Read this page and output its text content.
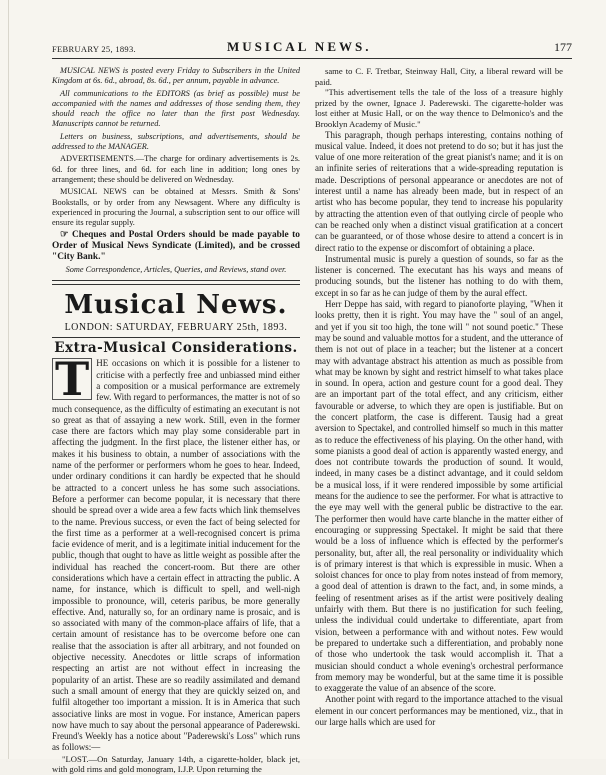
FEBRUARY 25, 1893.	MUSICAL NEWS.	177

MUSICAL NEWS is posted every Friday to Subscribers in the United Kingdom at 6s. 6d., abroad, 8s. 6d., per annum, payable in advance.

All communications to the EDITORS (as brief as possible) must be accompanied with the names and addresses of those sending them, they should reach the office no later than the first post Wednesday. Manuscripts cannot be returned.

Letters on business, subscriptions, and advertisements, should be addressed to the MANAGER.

ADVERTISEMENTS.—The charge for ordinary advertisements is 2s. 6d. for three lines, and 6d. for each line in addition; long ones by arrangement; these should be delivered on Wednesday.

MUSICAL NEWS can be obtained at Messrs. Smith & Sons' Bookstalls, or by order from any Newsagent. Where any difficulty is experienced in procuring the Journal, a subscription sent to our office will ensure its regular supply.

☞ Cheques and Postal Orders should be made payable to Order of Musical News Syndicate (Limited), and be crossed "City Bank."

Some Correspondence, Articles, Queries, and Reviews, stand over.

Musical News.
LONDON: SATURDAY, FEBRUARY 25th, 1893.
Extra-Musical Considerations.
T HE occasions on which it is possible for a listener to criticise with a perfectly free and unbiassed mind either a composition or a musical performance are extremely few. With regard to performances, the matter is not of so much consequence, as the difficulty of estimating an executant is not so great as that of assaying a new work. Still, even in the former case there are factors which may play some considerable part in affecting the judgment. In the first place, the listener either has, or makes it his business to obtain, a number of associations with the name of the performer or performers whom he goes to hear. Indeed, under ordinary conditions it can hardly be expected that he should be attracted to a concert unless he has some such associations. Before a performer can become popular, it is necessary that there should be spread over a wide area a few facts which link themselves to the name. Previous success, or even the fact of being selected for the first time as a performer at a well-recognised concert is prima facie evidence of merit, and is a legitimate initial inducement for the public, though that ought to have as little weight as possible after the individual has reached the concert-room. But there are other considerations which have a certain effect in attracting the public. A name, for instance, which is difficult to spell, and well-nigh impossible to pronounce, will, ceteris paribus, be more generally effective. And, naturally so, for an ordinary name is prosaic, and is so associated with many of the common-place affairs of life, that a certain amount of resistance has to be overcome before one can realise that the association is after all arbitrary, and not founded on objective necessity. Anecdotes or little scraps of information respecting an artist are not without effect in increasing the popularity of an artist. These are so readily assimilated and demand such a small amount of energy that they are quickly seized on, and fulfil altogether too important a mission. It is in America that such associative links are most in vogue. For instance, American papers now have much to say about the personal appearance of Paderewski. Freund's Weekly has a notice about "Paderewski's Loss" which runs as follows:—

"LOST.—On Saturday, January 14th, a cigarette-holder, black jet, with gold rims and gold monogram, I.J.P. Upon returning the

same to C. F. Tretbar, Steinway Hall, City, a liberal reward will be paid.

"This advertisement tells the tale of the loss of a treasure highly prized by the owner, Ignace J. Paderewski. The cigarette-holder was lost either at Music Hall, or on the way thence to Delmonico's and the Brooklyn Academy of Music."

This paragraph, though perhaps interesting, contains nothing of musical value. Indeed, it does not pretend to do so; but it has just the value of one more reiteration of the great pianist's name; and it is on an infinite series of reiterations that a wide-spreading reputation is made. Descriptions of personal appearance or anecdotes are not of interest until a name has already been made, but in respect of an artist who has become popular, they tend to increase his popularity by attracting the attention even of that outlying circle of people who can be reached only when a distinct visual gratification at a concert can be guaranteed, or of those whose desire to attend a concert is in direct ratio to the expense or discomfort of obtaining a place.

Instrumental music is purely a question of sounds, so far as the listener is concerned. The executant has his ways and means of producing sounds, but the listener has nothing to do with them, except in so far as he can judge of them by the aural effect.

Herr Deppe has said, with regard to pianoforte playing, "When it looks pretty, then it is right. You may have the " soul of an angel, and yet if you sit too high, the tone will " not sound poetic." These may be sound and valuable mottos for a student, and the utterance of them is not out of place in a teacher; but the listener at a concert may with advantage abstract his attention as much as possible from what may be known by sight and restrict himself to what takes place in sound. In opera, action and gesture count for a good deal. They are an important part of the total effect, and any criticism, either favourable or adverse, to which they are open is justifiable. But on the concert platform, the case is different. Tausig had a great aversion to Spectakel, and controlled himself so much in this matter as to reduce the effectiveness of his playing. On the other hand, with some pianists a good deal of action is apparently wasted energy, and does not contribute towards the production of sound. It would, indeed, in many cases be a distinct advantage, and it could seldom be a musical loss, if it were rendered impossible by some artificial means for the audience to see the performer. For what is attractive to the eye may well with the general public be distractive to the ear. The performer then would have carte blanche in the matter either of encouraging or suppressing Spectakel. It might be said that there would be a loss of influence which is effected by the performer's personality, but, after all, the real personality or individuality which is of primary interest is that which is expressible in music. When a soloist chances for once to play from notes instead of from memory, a good deal of attention is drawn to the fact, and, in some minds, a feeling of resentment arises as if the artist were positively dealing unfairly with them. But there is no justification for such feeling, unless the individual could undertake to differentiate, apart from vision, between a performance with and without notes. Few would be prepared to undertake such a differentiation, and probably none of those who undertook the task would accomplish it. That a musician should conduct a whole evening's orchestral performance from memory may be wonderful, but at the same time it is possible to exaggerate the value of an absence of the score.

Another point with regard to the importance attached to the visual element in our concert performances may be mentioned, viz., that in our large halls which are used for
